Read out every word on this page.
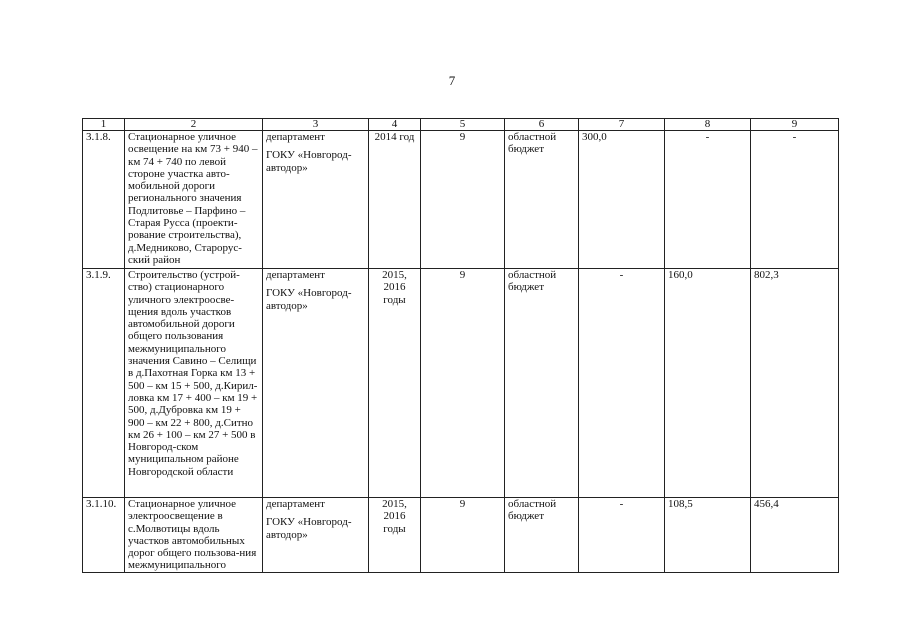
7
1	2	3	4	5	6	7	8	9
3.1.8.	Стационарное уличное освещение на км 73 + 940 – км 74 + 740 по левой стороне участка авто-мобильной дороги регионального значения Подлитовье – Парфино – Старая Русса (проекти-рование строительства), д.Медниково, Старорус-ский район	департамент
ГОКУ «Новгород-автодор»	2014 год	9	областной бюджет	300,0	-	-
3.1.9.	Строительство (устрой-ство) стационарного уличного электроосве-щения вдоль участков автомобильной дороги общего пользования межмуниципального значения Савино – Селищи в д.Пахотная Горка км 13 + 500 – км 15 + 500, д.Кирил-ловка км 17 + 400 – км 19 + 500, д.Дубровка км 19 + 900 – км 22 + 800, д.Ситно км 26 + 100 – км 27 + 500 в Новгород-ском муниципальном районе Новгородской области	департамент
ГОКУ «Новгород-автодор»	2015, 2016 годы	9	областной бюджет	-	160,0	802,3
3.1.10.	Стационарное уличное электроосвещение в с.Молвотицы вдоль участков автомобильных дорог общего пользова-ния межмуниципального	департамент
ГОКУ «Новгород-автодор»	2015, 2016 годы	9	областной бюджет	-	108,5	456,4
